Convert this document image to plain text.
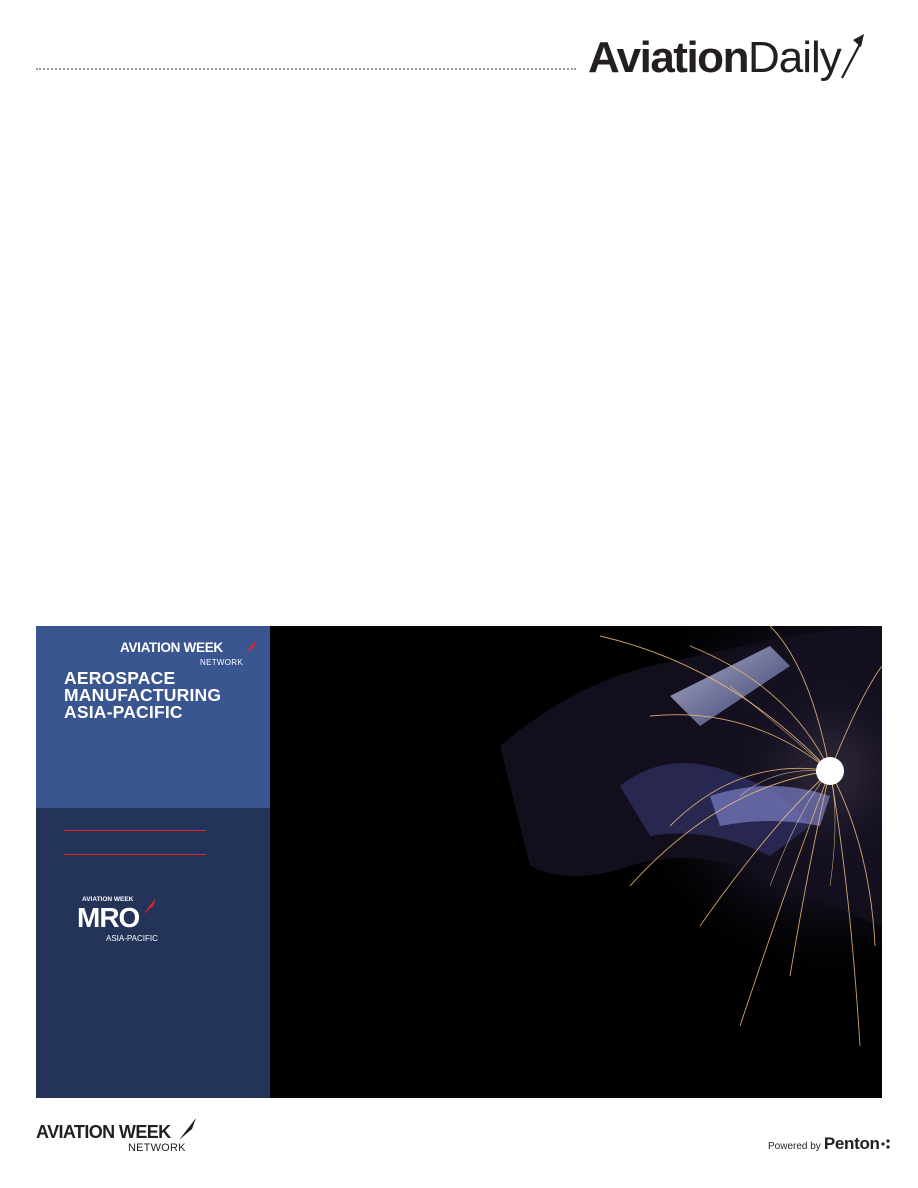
Aviation Daily
AVIATION WEEK
NETWORK
AEROSPACE
MANUFACTURING
ASIA-PACIFIC
AVIATION WEEK
MRO
ASIA-PACIFIC
AVIATION WEEK
NETWORK	Powered by Penton
